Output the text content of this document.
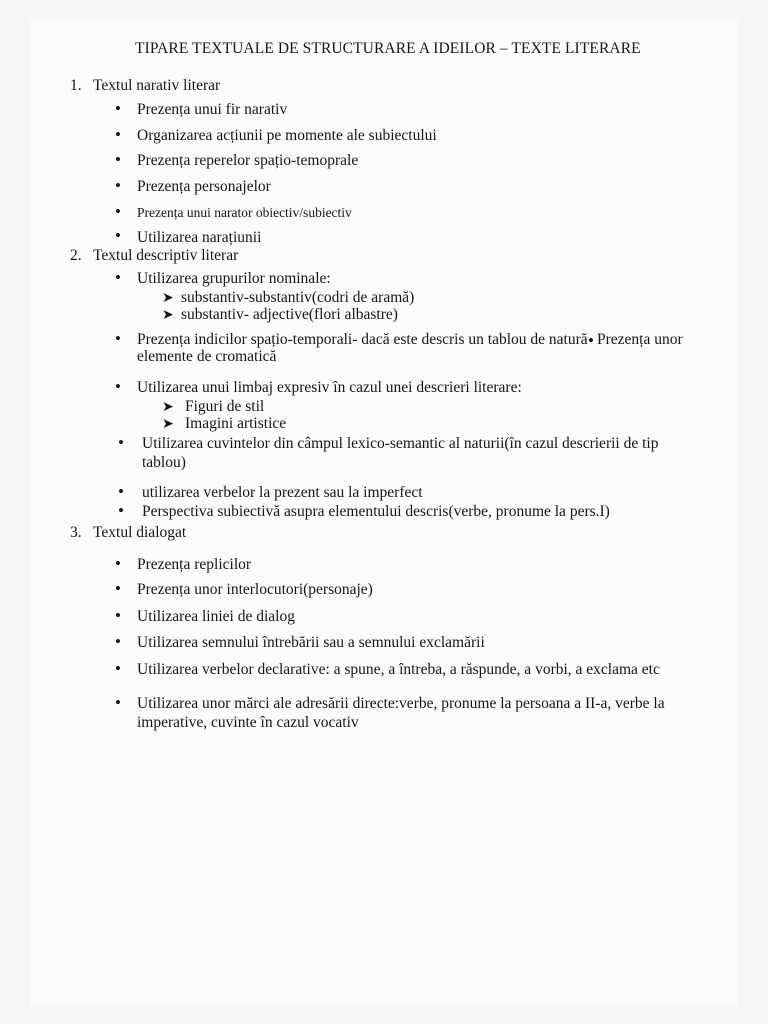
TIPARE TEXTUALE DE STRUCTURARE A IDEILOR – TEXTE LITERARE
1. Textul narativ literar
• Prezența unui fir narativ
• Organizarea acțiunii pe momente ale subiectului
• Prezența reperelor spațio-temoprale
• Prezența personajelor
• Prezența unui narator obiectiv/subiectiv
• Utilizarea narațiunii
2. Textul descriptiv literar
• Utilizarea grupurilor nominale:
➤ substantiv-substantiv(codri de aramă)
➤ substantiv- adjective(flori albastre)
• Prezența indicilor spațio-temporali- dacă este descris un tablou de natură • Prezența unor
elemente de cromatică
• Utilizarea unui limbaj expresiv în cazul unei descrieri literare:
➤ Figuri de stil
➤ Imagini artistice
• Utilizarea cuvintelor din câmpul lexico-semantic al naturii(în cazul descrierii de tip
tablou)
• utilizarea verbelor la prezent sau la imperfect
• Perspectiva subiectivă asupra elementului descris(verbe, pronume la pers.I)
3. Textul dialogat
• Prezența replicilor
• Prezența unor interlocutori(personaje)
• Utilizarea liniei de dialog
• Utilizarea semnului întrebării sau a semnului exclamării
• Utilizarea verbelor declarative: a spune, a întreba, a răspunde, a vorbi, a exclama etc
• Utilizarea unor mărci ale adresării directe:verbe, pronume la persoana a II-a, verbe la
imperative, cuvinte în cazul vocativ
